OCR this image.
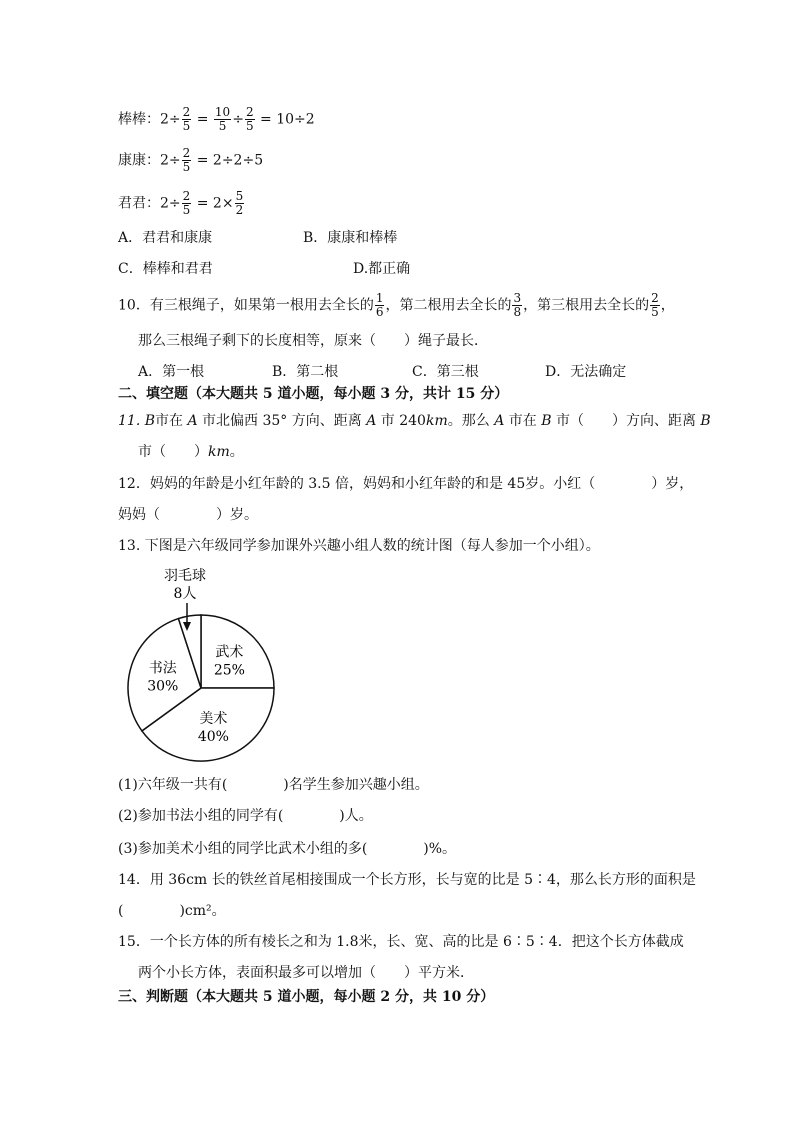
棒棒：$2\div \frac{2}{5} = \frac{10}{5} \div \frac{2}{5} = 10\div 2$
康康：$2\div \frac{2}{5} = 2\div 2\div 5$
君君：$2\div \frac{2}{5} = 2\times \frac{5}{2}$
A．君君和康康	B．康康和棒棒
C．棒棒和君君	D.都正确
10．有三根绳子，如果第一根用去全长的 $\frac{1}{6}$ ，第二根用去全长的 $\frac{3}{8}$ ，第三根用去全长的 $\frac{2}{5}$ ，
那么三根绳子剩下的长度相等，原来（　　）绳子最长．
A．第一根	B．第二根	C．第三根	D．无法确定
二、填空题（本大题共 5 道小题，每小题 3 分，共计 15 分）
11. B市在 A 市北偏西 35° 方向、距离 A 市 240km。那么 A 市在 B 市（　　）方向、距离 B
市（　　）km。
12．妈妈的年龄是小红年龄的 3.5 倍，妈妈和小红年龄的和是 45岁。小红（　　　　）岁，
妈妈（　　　　）岁。
13. 下图是六年级同学参加课外兴趣小组人数的统计图（每人参加一个小组）。
武术
25%
美术
40%
书法
30%
羽毛球
8人
(1)六年级一共有(　　　　)名学生参加兴趣小组。
(2)参加书法小组的同学有(　　　　)人。
(3)参加美术小组的同学比武术小组的多(　　　　)%。
14．用 36cm 长的铁丝首尾相接围成一个长方形，长与宽的比是 5∶4，那么长方形的面积是
(　　　　)cm²。
15．一个长方体的所有棱长之和为 1.8米，长、宽、高的比是 6∶5∶4．把这个长方体截成
两个小长方体，表面积最多可以增加（　　）平方米．
三、判断题（本大题共 5 道小题，每小题 2 分，共 10 分）
